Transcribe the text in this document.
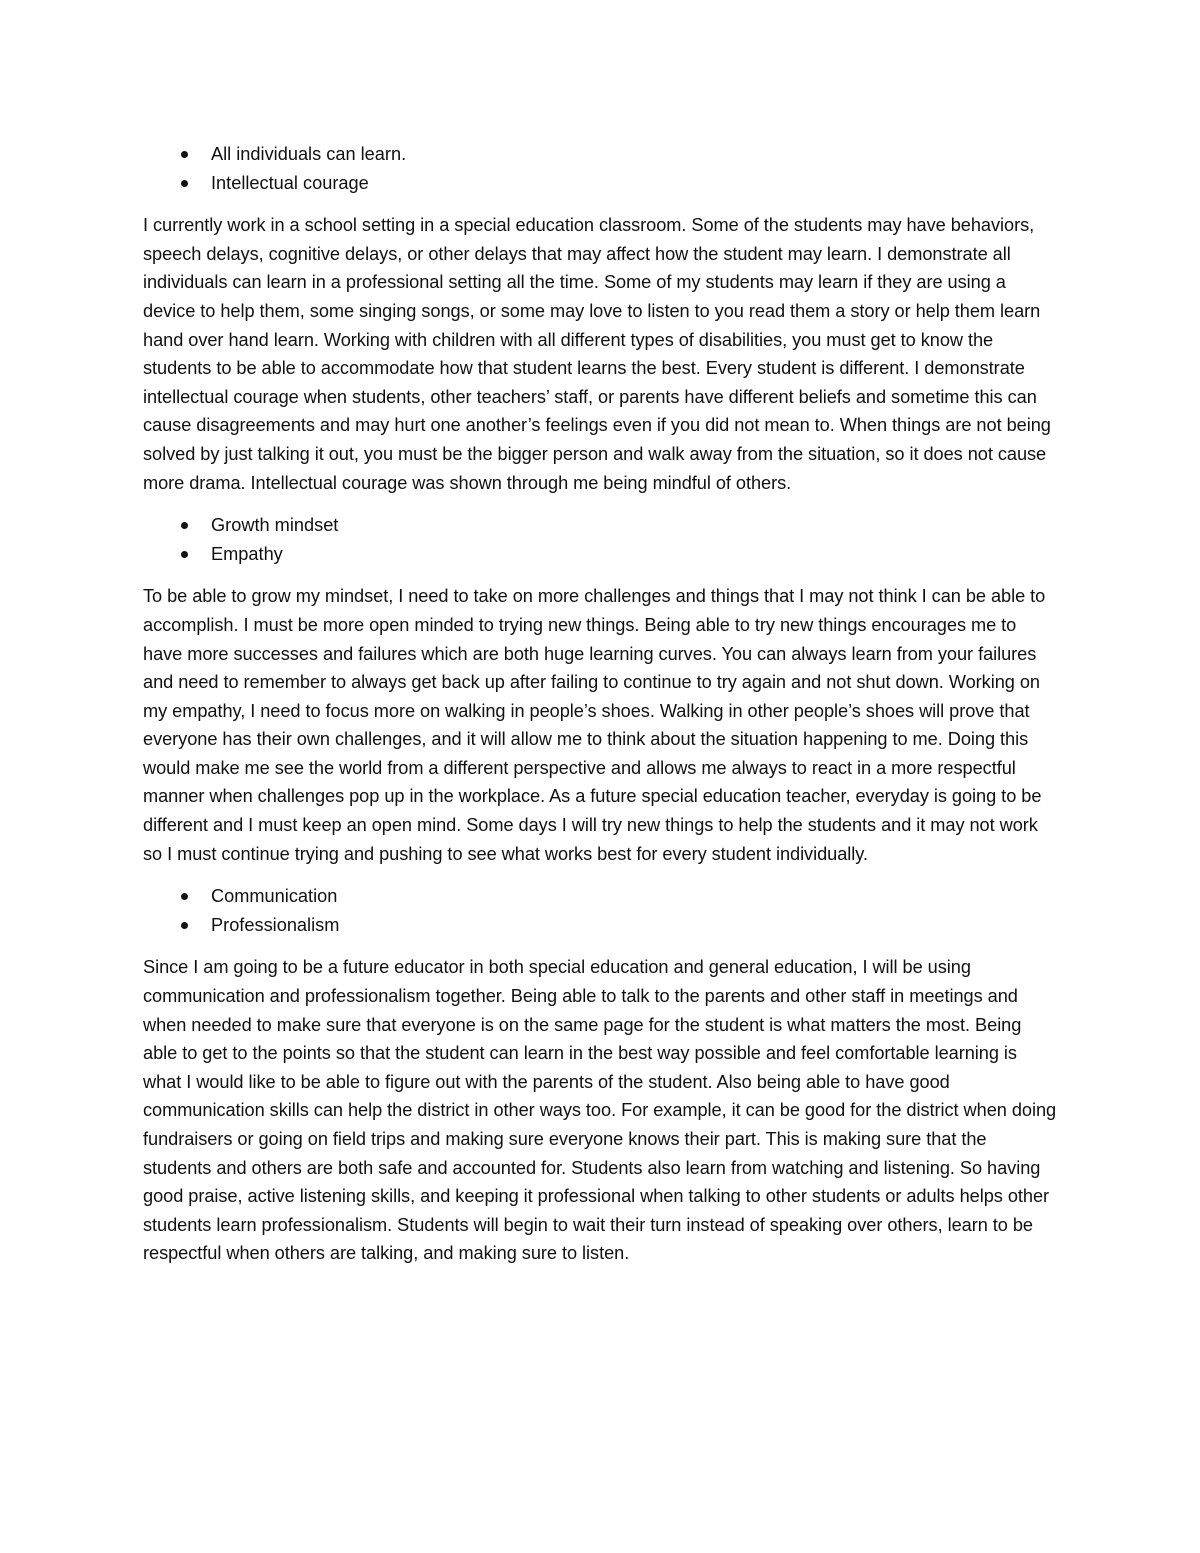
All individuals can learn.
Intellectual courage

I currently work in a school setting in a special education classroom. Some of the students may have behaviors, speech delays, cognitive delays, or other delays that may affect how the student may learn. I demonstrate all individuals can learn in a professional setting all the time. Some of my students may learn if they are using a device to help them, some singing songs, or some may love to listen to you read them a story or help them learn hand over hand learn. Working with children with all different types of disabilities, you must get to know the students to be able to accommodate how that student learns the best. Every student is different. I demonstrate intellectual courage when students, other teachers’ staff, or parents have different beliefs and sometime this can cause disagreements and may hurt one another’s feelings even if you did not mean to. When things are not being solved by just talking it out, you must be the bigger person and walk away from the situation, so it does not cause more drama. Intellectual courage was shown through me being mindful of others.

Growth mindset
Empathy

To be able to grow my mindset, I need to take on more challenges and things that I may not think I can be able to accomplish. I must be more open minded to trying new things. Being able to try new things encourages me to have more successes and failures which are both huge learning curves. You can always learn from your failures and need to remember to always get back up after failing to continue to try again and not shut down. Working on my empathy, I need to focus more on walking in people’s shoes. Walking in other people’s shoes will prove that everyone has their own challenges, and it will allow me to think about the situation happening to me. Doing this would make me see the world from a different perspective and allows me always to react in a more respectful manner when challenges pop up in the workplace. As a future special education teacher, everyday is going to be different and I must keep an open mind. Some days I will try new things to help the students and it may not work so I must continue trying and pushing to see what works best for every student individually.

Communication
Professionalism

Since I am going to be a future educator in both special education and general education, I will be using communication and professionalism together. Being able to talk to the parents and other staff in meetings and when needed to make sure that everyone is on the same page for the student is what matters the most. Being able to get to the points so that the student can learn in the best way possible and feel comfortable learning is what I would like to be able to figure out with the parents of the student. Also being able to have good communication skills can help the district in other ways too. For example, it can be good for the district when doing fundraisers or going on field trips and making sure everyone knows their part. This is making sure that the students and others are both safe and accounted for. Students also learn from watching and listening. So having good praise, active listening skills, and keeping it professional when talking to other students or adults helps other students learn professionalism. Students will begin to wait their turn instead of speaking over others, learn to be respectful when others are talking, and making sure to listen.
